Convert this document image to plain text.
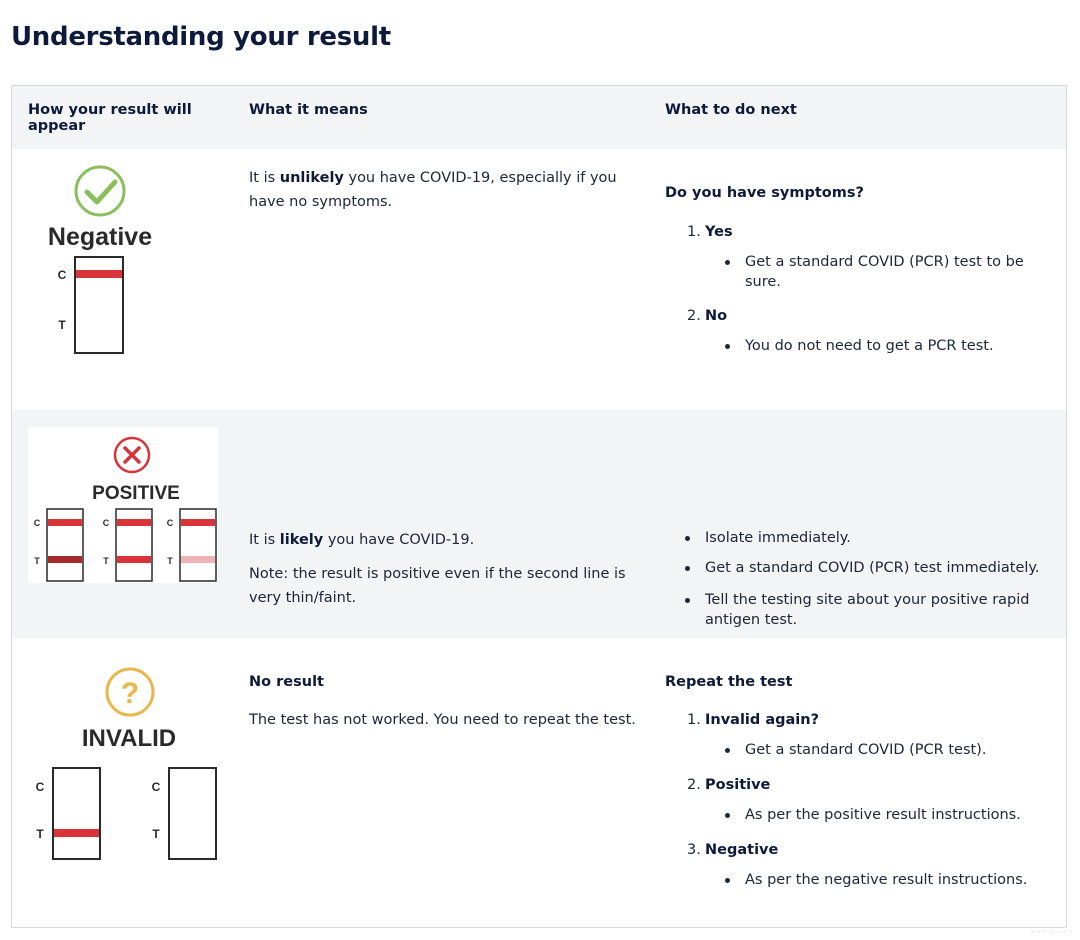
Understanding your result
How your result will appear
What it means	What to do next
Negative
C
T

It is unlikely you have COVID-19, especially if you have no symptoms.

Do you have symptoms?
1. Yes
Get a standard COVID (PCR) test to be sure.
2. No
You do not need to get a PCR test.
POSITIVE
C
T
C
T
C
T

It is likely you have COVID-19.

Note: the result is positive even if the second line is very thin/faint.

Isolate immediately.
Get a standard COVID (PCR) test immediately.
Tell the testing site about your positive rapid antigen test.
?
INVALID
C
T
C
T
No result

The test has not worked. You need to repeat the test.

Repeat the test
1. Invalid again?
Get a standard COVID (PCR test).
2. Positive
As per the positive result instructions.
3. Negative
As per the negative result instructions.
· · · · · · ·
